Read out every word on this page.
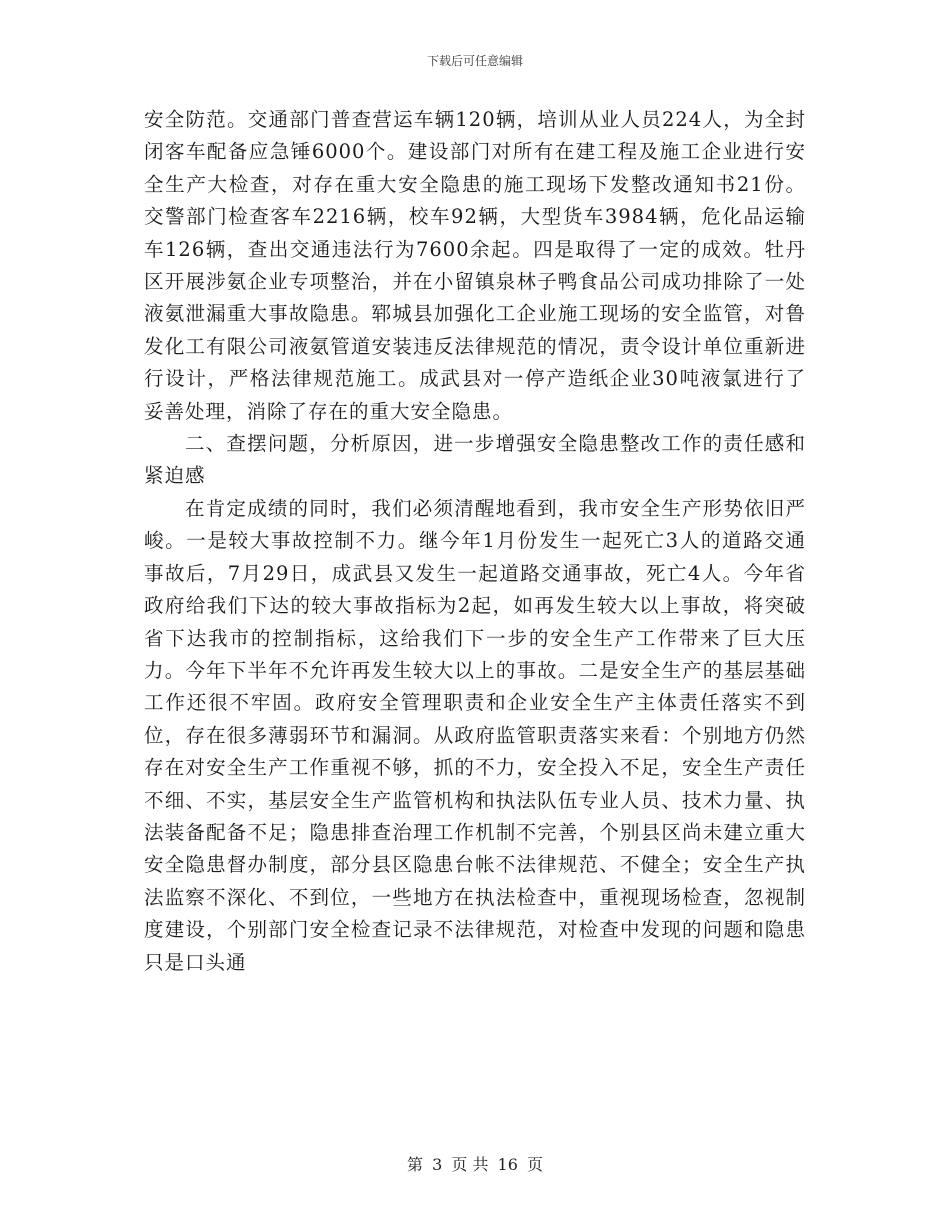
下载后可任意编辑

安全防范。交通部门普查营运车辆120辆，培训从业人员224人，为全封闭客车配备应急锤6000个。建设部门对所有在建工程及施工企业进行安全生产大检查，对存在重大安全隐患的施工现场下发整改通知书21份。交警部门检查客车2216辆，校车92辆，大型货车3984辆，危化品运输车126辆，查出交通违法行为7600余起。四是取得了一定的成效。牡丹区开展涉氨企业专项整治，并在小留镇泉林子鸭食品公司成功排除了一处液氨泄漏重大事故隐患。郓城县加强化工企业施工现场的安全监管，对鲁发化工有限公司液氨管道安装违反法律规范的情况，责令设计单位重新进行设计，严格法律规范施工。成武县对一停产造纸企业30吨液氯进行了妥善处理，消除了存在的重大安全隐患。

二、查摆问题，分析原因，进一步增强安全隐患整改工作的责任感和紧迫感

在肯定成绩的同时，我们必须清醒地看到，我市安全生产形势依旧严峻。一是较大事故控制不力。继今年1月份发生一起死亡3人的道路交通事故后，7月29日，成武县又发生一起道路交通事故，死亡4人。今年省政府给我们下达的较大事故指标为2起，如再发生较大以上事故，将突破省下达我市的控制指标，这给我们下一步的安全生产工作带来了巨大压力。今年下半年不允许再发生较大以上的事故。二是安全生产的基层基础工作还很不牢固。政府安全管理职责和企业安全生产主体责任落实不到位，存在很多薄弱环节和漏洞。从政府监管职责落实来看：个别地方仍然存在对安全生产工作重视不够，抓的不力，安全投入不足，安全生产责任不细、不实，基层安全生产监管机构和执法队伍专业人员、技术力量、执法装备配备不足；隐患排查治理工作机制不完善，个别县区尚未建立重大安全隐患督办制度，部分县区隐患台帐不法律规范、不健全；安全生产执法监察不深化、不到位，一些地方在执法检查中，重视现场检查，忽视制度建设，个别部门安全检查记录不法律规范，对检查中发现的问题和隐患只是口头通

第 3 页 共 16 页
